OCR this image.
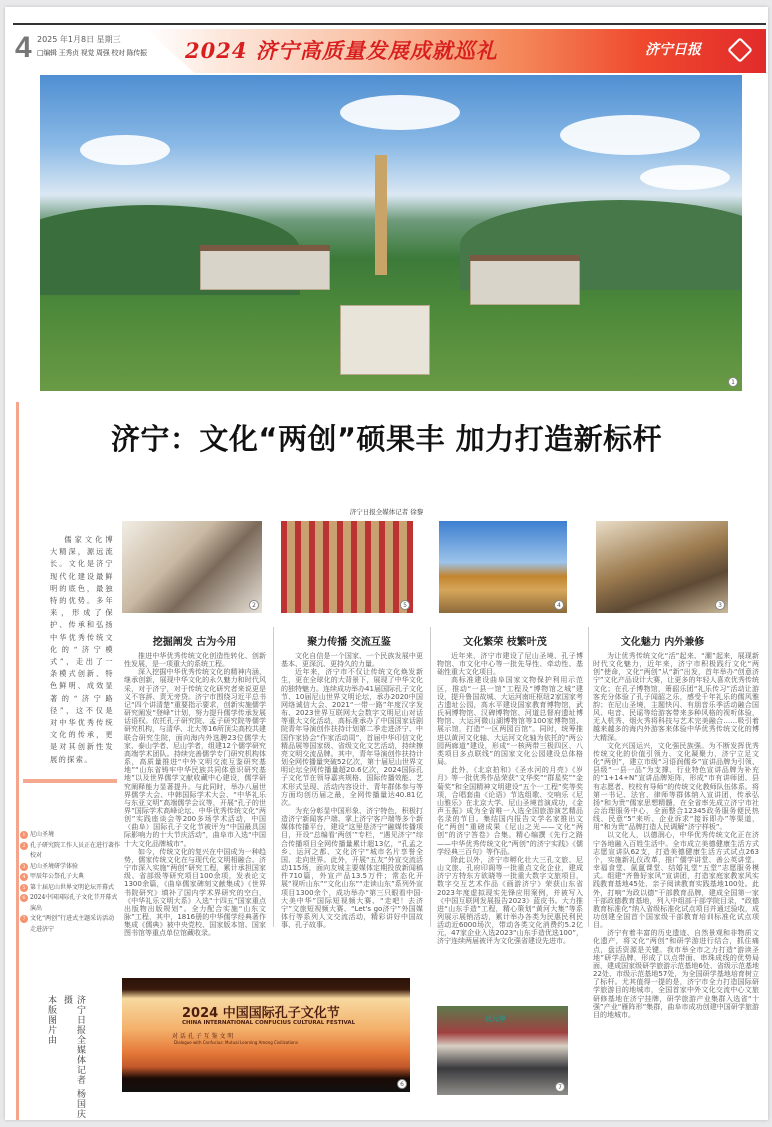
4 2025 年1月8日 星期三
□编辑 王秀贞 视觉 周强 校对 陈传振 2024 济宁高质量发展成就巡礼	济宁日报
1
济宁：文化“两创”硕果丰 加力打造新标杆
济宁日报全媒体记者 徐黎
儒家文化博大精深，源远流长。文化是济宁现代化建设最鲜明的底色，最独特的优势。多年来，形成了保护、传承和弘扬中华优秀传统文化的“济宁模式”，走出了一条模式创新、特色鲜明、成效显著的“济宁路径”，这不仅是对中华优秀传统文化的传承，更是对其创新性发展的探索。
1 尼山圣境
2 孔子研究院工作人员正在进行著作校对
3 尼山圣境研学体验
4 甲辰年公祭孔子大典
5 第十届尼山世界文明论坛开幕式
6 2024中国国际孔子文化节开幕式演出
7 文化“两创”行进式主题采访活动走进济宁
本版图片由	济宁日报全媒体记者 杨国庆 摄
2	5	4	3
挖掘阐发 古为今用	聚力传播 交流互鉴	文化繁荣 枝繁叶茂	文化魅力 内外兼修

推进中华优秀传统文化创造性转化、创新性发展，是一项重大的系统工程。

深入挖掘中华优秀传统文化的精神内涵，继承创新，展现中华文化的永久魅力和时代风采，对于济宁，对于传统文化研究者来说更是义不容辞、责无旁贷。济宁市围绕习近平总书记“四个讲清楚”重要指示要求，创新实施儒学研究阐发“登峰”计划，努力提升儒学传承发展话语权。依托孔子研究院、孟子研究院等儒学研究机构，与清华、北大等16所顶尖高校共建联合研究生院，面向海内外选聘23位儒学大家、泰山学者、尼山学者，组建12个儒学研究高端学术团队。持续完善儒学专门研究机构体系，高质量推进“中外文明交流互鉴研究基地”“山东省铸牢中华民族共同体意识研究基地”以及世界儒学文献收藏中心建设，儒学研究阐释能力显著提升。与此同时，举办八届世界儒学大会、中韩国际学术大会、“中华礼乐与东亚文明”高端儒学会议等，开展“孔子的世界”国际学术高峰论坛、中华优秀传统文化“两创”实践座谈会等200多场学术活动，中国（曲阜）国际孔子文化节被评为“中国最具国际影响力的十大节庆活动”，曲阜市入选“中国十大文化品牌城市”。

如今，传统文化的复兴在中国成为一种趋势，儒家传统文化在与现代化文明相融合。济宁市深入实施“两创”研究工程，累计承担国家级、省部级等研究项目100余项，发表论文1300余篇，《曲阜儒家碑刻文献集成》《世界书院研究》填补了国内学术界研究的空白，《中华礼乐文明大系》入选“十四五”国家重点出版物出版规划”。全力配合实施“山东文脉”工程，其中，1816册的中华儒学经典著作集成《儒典》被中央党校、国家版本馆、国家图书馆等重点单位馆藏收录。

文化自信是一个国家、一个民族发展中更基本、更深沉、更持久的力量。

近年来，济宁市不仅让传统文化焕发新生，更在全球化的大背景下，展现了中华文化的独特魅力。连续成功举办41届国际孔子文化节、10届尼山世界文明论坛，承办2020中国网络诚信大会、2021“一带一路”年度汉字发布、2023世界互联网大会数字文明尼山对话等重大文化活动，高标准承办了中国国家话剧院青年导演创作扶持计划第二季走进济宁、中国作家协会“作家活动周”，首届中华印信文化精品展等国家级、省级文化文艺活动，持续擦亮文明交流品牌。其中，青年导演创作扶持计划全网传播量突破52亿次，第十届尼山世界文明论坛全网传播量超20.6亿次，2024国际孔子文化节在领导嘉宾规格、国际传播效能、艺术形式呈现、活动内容设计、青年群体参与等方面均创历届之最，全网传播量达40.81亿次。

为充分彰显中国形象、济宁特色，积极打造济宁新闻客户端、掌上济宁客户端等多个新媒体传播平台，建设“这里是济宁”融媒传播项目，开设“总编看‘两创’”专栏，“遇见济宁”综合传播项目全网传播量累计超13亿，“孔孟之乡、运河之都、文化济宁”城市名片享誉全国、走向世界。此外，开展“五友”外宣交流活动115场，面向友城主要媒体定期投放新闻稿件710篇，外宣产品13.5万件；常态化开展“视听山东”“文化山东”“走读山东”系列外宣项目1300余个，成功举办“第三只眼看中国·大美中华”国际短视频大赛、“走吧！去济宁”文旅短视频大赛、“Let's go济宁”外国媒体行等系列人文交流活动，精彩讲好中国故事、孔子故事。

近年来，济宁市建设了尼山圣境、孔子博物馆、市文化中心等一批先导性、牵动性、基础性重大文化项目。

高标准建设曲阜国家文物保护利用示范区，推动“一县一馆”工程及“博物馆之城”建设，提升鲁国故城、大运河南旺枢纽2家国家考古遗址公园，高水平建设国家教育博物馆，武氏祠博物馆、汉碑博物馆、河道总督府遗址博物馆、大运河微山湖博物馆等100家博物馆、展示馆，打造“一区两园百馆”。同时，统筹推进以黄河文化轴、大运河文化轴为依托的“两公园两廊道”建设，形成“一核两带三极四区、八类项目多点联线”的国家文化公园建设总体格局。

此外，《北京拍和》《圣水河的月亮》《岁月》等一批优秀作品荣获“文华奖”“群星奖”“金菊奖”和全国精神文明建设“五个一工程”奖等奖项，合唱套曲《论语》节选组歌、交响乐《尼山雅乐》在北京大学、尼山圣境首演成功，《金声玉振》成为全省唯一入选全国旅游演艺精品名录的节目。集结国内报告文学名家推出文化“两创”重磅成果《尼山之光——文化“两创”的济宁答卷》合集。精心编撰《先行之路——中华优秀传统文化“两创”的济宁实践》《儒学经典三百句》等作品。

除此以外，济宁市孵化壮大三孔文旅、尼山文旅、孔府印阁等一批重点文化企业，建成济宁方特东方欲晓等一批重大数字文旅项目，数字交互艺术作品《画游济宁》荣获山东省2023年度虚拟现实先锋应用案例，并被写入《中国互联网发展报告2023》蓝皮书。大力推进“山东手造”工程，精心策划“黄河大集”等系列展示展销活动，累计举办各类为民惠民利民活动近6000场次，带动各类文化消费约5.2亿元，47家企业入选2023“山东手造优选100”，济宁连续两届被评为文化强省建设先进市。

为让优秀传统文化“活”起来、“潮”起来，展现新时代文化魅力，近年来，济宁市积极践行文化“两创”使命，文化“两创”从“新”出发，首年举办“创意济宁”文化产品设计大赛，让更多的年轻人喜欢优秀传统文化；在孔子博物馆，箫韶乐团“礼乐传习”活动让游客充分体验了孔子闻韶之乐，感受千年礼乐的儒风雅韵；在尼山圣境，主题快闪、有朋音乐季活动融合国风、电音、民谣等给游客带来多种风格的视听体验，无人机秀、烟火秀将科技与艺术完美融合……吸引着越来越多的海内外游客来体验中华优秀传统文化的博大精深。

文化兴国运兴，文化强民族强。为不断发挥优秀传统文化的价值引领力、文化凝聚力，济宁立足文化“两创”，建立市级“习语润儒乡”宣讲品牌为引领、县级“一县一品”为支撑、行业特色宣讲品牌为补充的“1+14+N”宣讲品牌矩阵，形成“市有讲师团、县有志愿者、校校有导师”的传统文化教师队伍体系。将第一书记、法官、律师等群体纳入宣讲团，传承弘扬“和为贵”儒家思想精髓，在全省率先成立济宁市社会治理服务中心，全面整合12345政务服务便民热线、民意“5”来听、企业诉求“接诉即办”等渠道，用“和为贵”品牌打造人民调解“济宁样板”。

以文化人，以德润心，中华优秀传统文化正在济宁各地融入百姓生活中。全市成立美德健康生活方式志愿宣讲队62支，打造美德健康生活方式试点263个，实施新礼仪改革，推广儒学讲堂、善公英讲堂、幸福食堂、氤氲课堂、结婚礼堂“五堂”志愿服务模式。组建“齐鲁好家风”宣讲团，打造家庭家教家风实践教育基地45处、亲子阅读教育实践基地100处。此外，打响“为政以德”干部教育品牌，建成全国第一家干部政德教育基地，列入中组部干部学院目录，“政德教育标准化”纳入省级标准化试点项目并通过验收，成功创建全国首个国家级干部教育培训标准化试点项目。

济宁有着丰富的历史遗迹、自然景观和非物质文化遗产，将文化“两创”和研学游进行结合，抓住痛点，盘活资源是关键。我市举全市之力打造“游读圣地”研学品牌，形成了以点带面、串珠成线的优势局面，建成国家级研学旅游示范基地6处、省级示范基地22处、市级示范基地57处，为全国研学基地培育树立了标杆。尤其值得一提的是，济宁市全力打造国际研学旅游目的地城市，全国首家中外文化交流中心文旅研修基地在济宁挂牌，研学旅游产业集群入选省“十强”产业“雁阵形”集群，曲阜市成功创建中国研学旅游目的地城市。

2024 中国国际孔子文化节
CHINA INTERNATIONAL CONFUCIUS CULTURAL FESTIVAL
对 话 孔 子 互 鉴 文 明
Dialogue with Confucius: Mutual Learning Among Civilizations
6
状元亭
7
